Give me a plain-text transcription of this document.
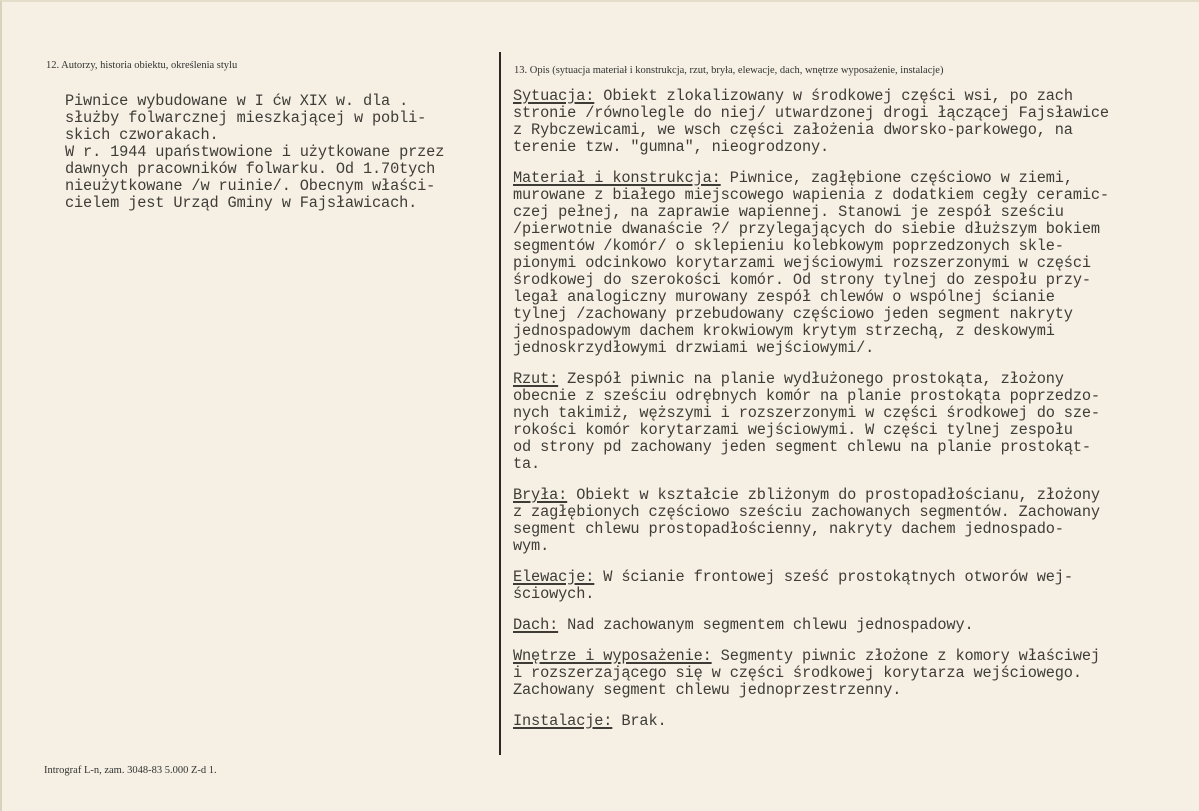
12. Autorzy, historia obiektu, określenia stylu	13. Opis (sytuacja materiał i konstrukcja, rzut, bryła, elewacje, dach, wnętrze wyposażenie, instalacje)
Piwnice wybudowane w I ćw XIX w. dla .
służby folwarcznej mieszkającej w pobli-
skich czworakach.
W r. 1944 upaństwowione i użytkowane przez
dawnych pracowników folwarku. Od 1.70tych
nieużytkowane /w ruinie/. Obecnym właści-
cielem jest Urząd Gminy w Fajsławicach.
Sytuacja: Obiekt zlokalizowany w środkowej części wsi, po zach
stronie /równolegle do niej/ utwardzonej drogi łączącej Fajsławice
z Rybczewicami, we wsch części założenia dworsko-parkowego, na
terenie tzw. "gumna", nieogrodzony.
Materiał i konstrukcja: Piwnice, zagłębione częściowo w ziemi,
murowane z białego miejscowego wapienia z dodatkiem cegły ceramic-
czej pełnej, na zaprawie wapiennej. Stanowi je zespół sześciu
/pierwotnie dwanaście ?/ przylegających do siebie dłuższym bokiem
segmentów /komór/ o sklepieniu kolebkowym poprzedzonych skle-
pionymi odcinkowo korytarzami wejściowymi rozszerzonymi w części
środkowej do szerokości komór. Od strony tylnej do zespołu przy-
legał analogiczny murowany zespół chlewów o wspólnej ścianie
tylnej /zachowany przebudowany częściowo jeden segment nakryty
jednospadowym dachem krokwiowym krytym strzechą, z deskowymi
jednoskrzydłowymi drzwiami wejściowymi/.
Rzut: Zespół piwnic na planie wydłużonego prostokąta, złożony
obecnie z sześciu odrębnych komór na planie prostokąta poprzedzo-
nych takimiż, węższymi i rozszerzonymi w części środkowej do sze-
rokości komór korytarzami wejściowymi. W części tylnej zespołu
od strony pd zachowany jeden segment chlewu na planie prostokąt-
ta.
Bryła: Obiekt w kształcie zbliżonym do prostopadłościanu, złożony
z zagłębionych częściowo sześciu zachowanych segmentów. Zachowany
segment chlewu prostopadłościenny, nakryty dachem jednospado-
wym.
Elewacje: W ścianie frontowej sześć prostokątnych otworów wej-
ściowych.
Dach: Nad zachowanym segmentem chlewu jednospadowy.
Wnętrze i wyposażenie: Segmenty piwnic złożone z komory właściwej
i rozszerzającego się w części środkowej korytarza wejściowego.
Zachowany segment chlewu jednoprzestrzenny.
Instalacje: Brak.
Intrograf L-n, zam. 3048-83 5.000 Z-d 1.
